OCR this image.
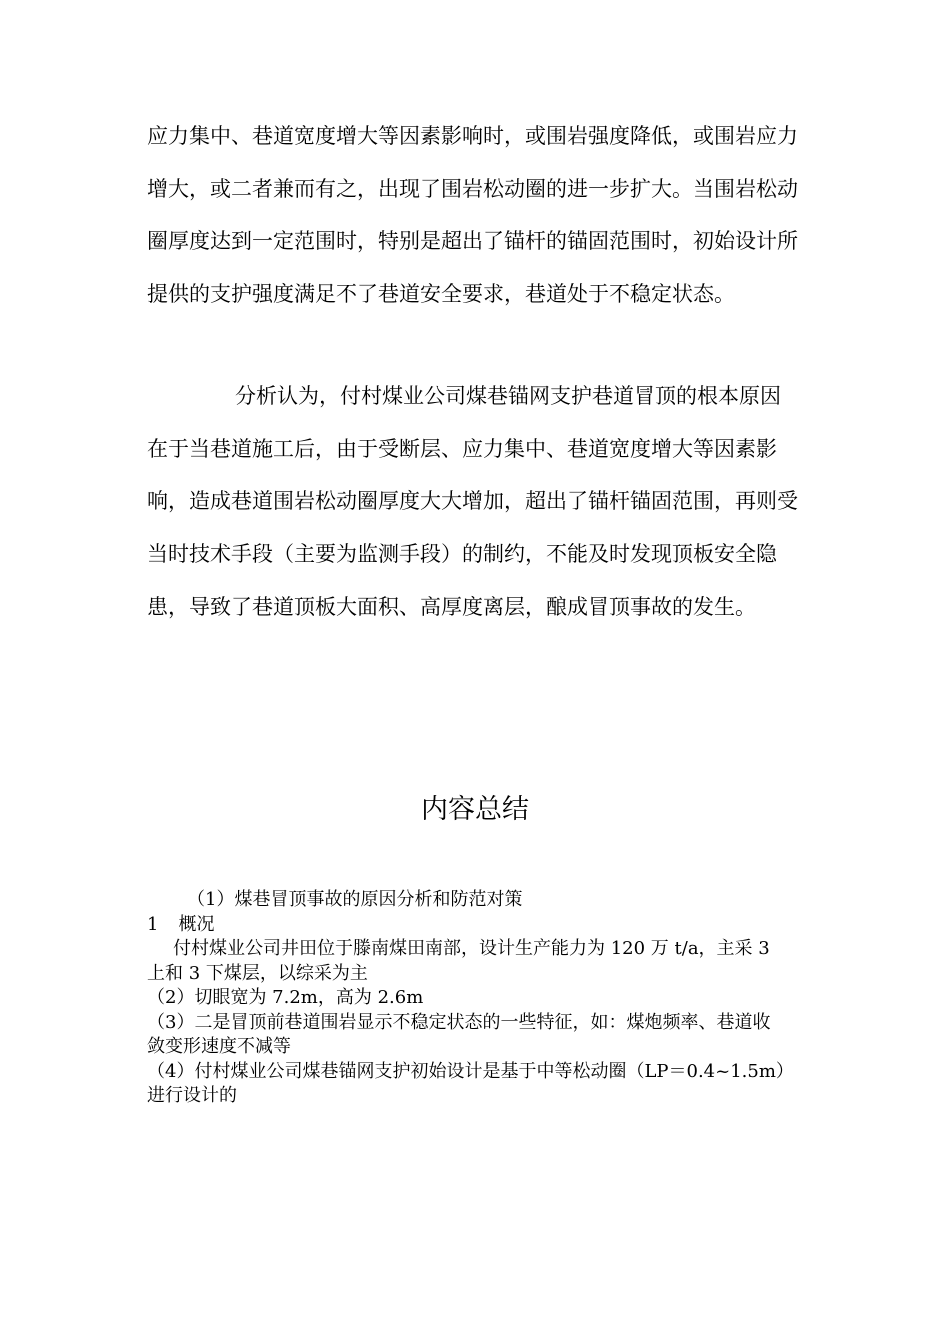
应力集中、巷道宽度增大等因素影响时，或围岩强度降低，或围岩应力增大，或二者兼而有之，出现了围岩松动圈的进一步扩大。当围岩松动圈厚度达到一定范围时，特别是超出了锚杆的锚固范围时，初始设计所提供的支护强度满足不了巷道安全要求，巷道处于不稳定状态。

分析认为，付村煤业公司煤巷锚网支护巷道冒顶的根本原因在于当巷道施工后，由于受断层、应力集中、巷道宽度增大等因素影响，造成巷道围岩松动圈厚度大大增加，超出了锚杆锚固范围，再则受当时技术手段（主要为监测手段）的制约，不能及时发现顶板安全隐患，导致了巷道顶板大面积、高厚度离层，酿成冒顶事故的发生。

内容总结
（1）煤巷冒顶事故的原因分析和防范对策
1 概况
付村煤业公司井田位于滕南煤田南部，设计生产能力为 120 万 t/a，主采 3 上和 3 下煤层，以综采为主
（2）切眼宽为 7.2m，高为 2.6m
（3）二是冒顶前巷道围岩显示不稳定状态的一些特征，如：煤炮频率、巷道收敛变形速度不减等
（4）付村煤业公司煤巷锚网支护初始设计是基于中等松动圈（LP＝0.4~1.5m）进行设计的
